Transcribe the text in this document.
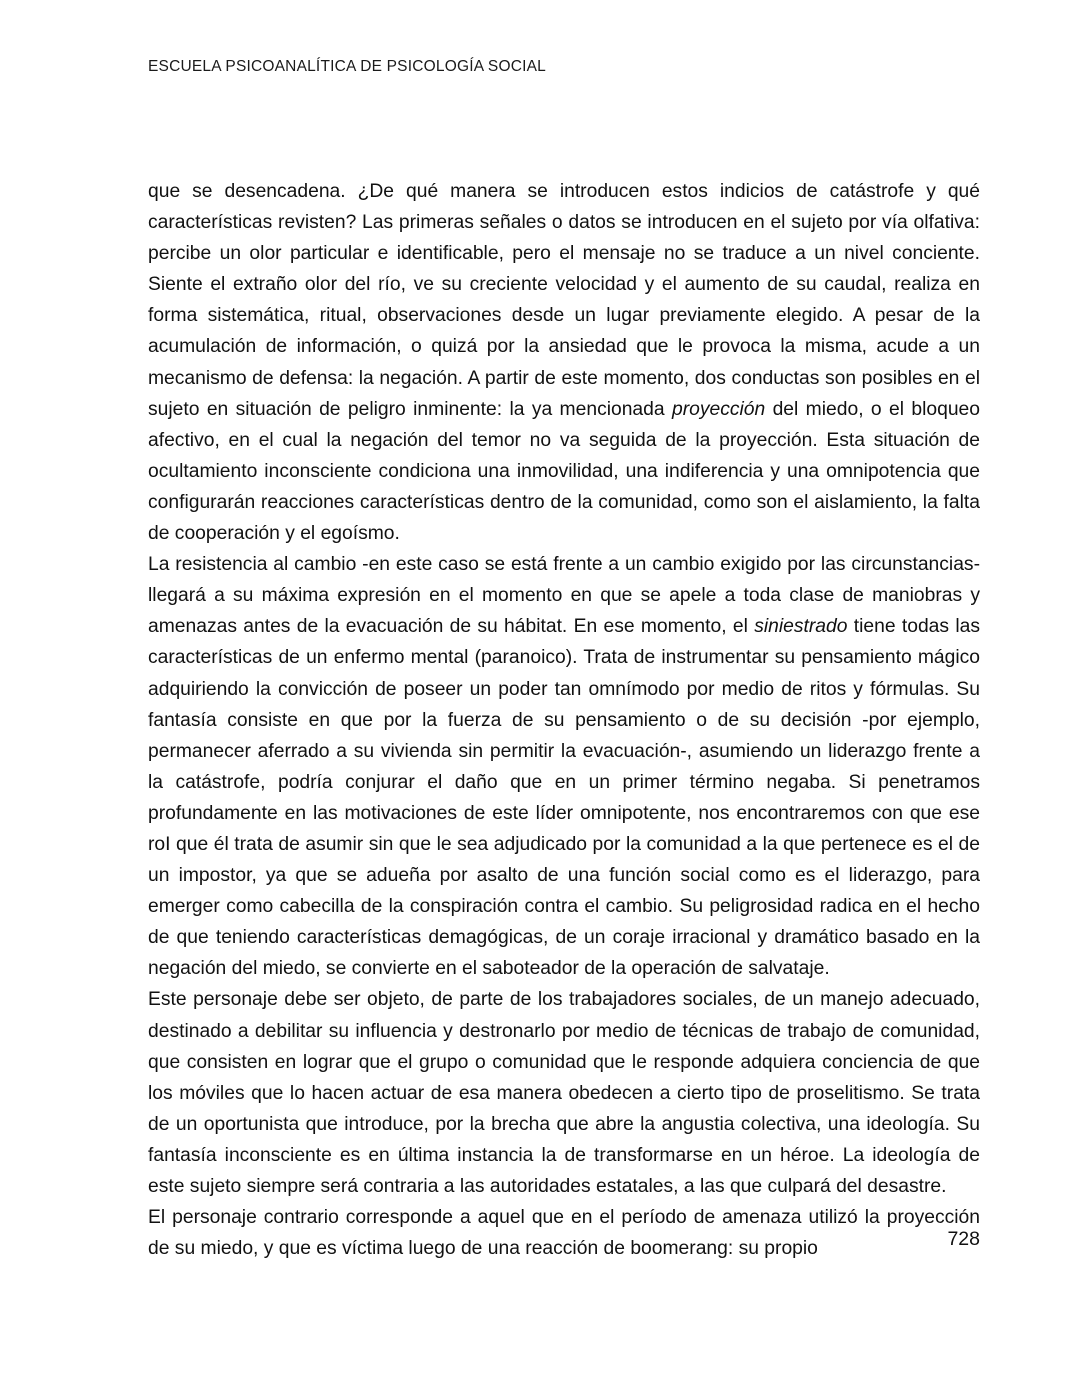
ESCUELA PSICOANALÍTICA DE PSICOLOGÍA SOCIAL

que se desencadena. ¿De qué manera se introducen estos indicios de catástrofe y qué características revisten? Las primeras señales o datos se introducen en el sujeto por vía olfativa: percibe un olor particular e identificable, pero el mensaje no se traduce a un nivel conciente. Siente el extraño olor del río, ve su creciente velocidad y el aumento de su caudal, realiza en forma sistemática, ritual, observaciones desde un lugar previamente elegido. A pesar de la acumulación de información, o quizá por la ansiedad que le provoca la misma, acude a un mecanismo de defensa: la negación. A partir de este momento, dos conductas son posibles en el sujeto en situación de peligro inminente: la ya mencionada proyección del miedo, o el bloqueo afectivo, en el cual la negación del temor no va seguida de la proyección. Esta situación de ocultamiento inconsciente condiciona una inmovilidad, una indiferencia y una omnipotencia que configurarán reacciones características dentro de la comunidad, como son el aislamiento, la falta de cooperación y el egoísmo.

La resistencia al cambio -en este caso se está frente a un cambio exigido por las circunstancias- llegará a su máxima expresión en el momento en que se apele a toda clase de maniobras y amenazas antes de la evacuación de su hábitat. En ese momento, el siniestrado tiene todas las características de un enfermo mental (paranoico). Trata de instrumentar su pensamiento mágico adquiriendo la convicción de poseer un poder tan omnímodo por medio de ritos y fórmulas. Su fantasía consiste en que por la fuerza de su pensamiento o de su decisión -por ejemplo, permanecer aferrado a su vivienda sin permitir la evacuación-, asumiendo un liderazgo frente a la catástrofe, podría conjurar el daño que en un primer término negaba. Si penetramos profundamente en las motivaciones de este líder omnipotente, nos encontraremos con que ese roI que él trata de asumir sin que le sea adjudicado por la comunidad a la que pertenece es el de un impostor, ya que se adueña por asalto de una función social como es el liderazgo, para emerger como cabecilla de la conspiración contra el cambio. Su peligrosidad radica en el hecho de que teniendo características demagógicas, de un coraje irracional y dramático basado en la negación del miedo, se convierte en el saboteador de la operación de salvataje.

Este personaje debe ser objeto, de parte de los trabajadores sociales, de un manejo adecuado, destinado a debilitar su influencia y destronarlo por medio de técnicas de trabajo de comunidad, que consisten en lograr que el grupo o comunidad que le responde adquiera conciencia de que los móviles que lo hacen actuar de esa manera obedecen a cierto tipo de proselitismo. Se trata de un oportunista que introduce, por la brecha que abre la angustia colectiva, una ideología. Su fantasía inconsciente es en última instancia la de transformarse en un héroe. La ideología de este sujeto siempre será contraria a las autoridades estatales, a las que culpará del desastre.

El personaje contrario corresponde a aquel que en el período de amenaza utilizó la proyección de su miedo, y que es víctima luego de una reacción de boomerang: su propio	728
